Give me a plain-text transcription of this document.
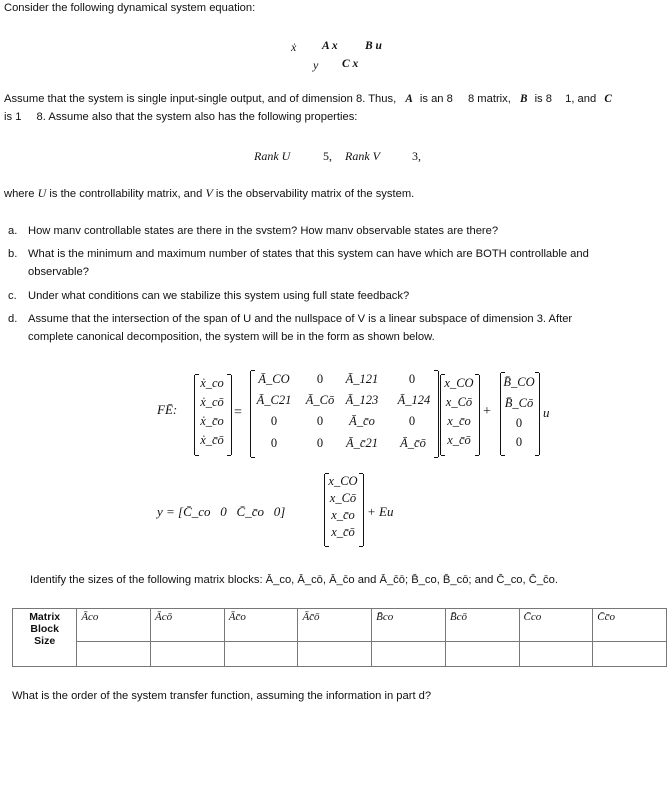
Consider the following dynamical system equation:
ẋ A x B u
y C x
Assume that the system is single input-single output, and of dimension 8. Thus, A is an 8 8 matrix, B is 8 1, and C
is 1 8. Assume also that the system also has the following properties:
Rank U	5, Rank V	3,
where U is the controllability matrix, and V is the observability matrix of the system.
a. How manv controllable states are there in the svstem? How manv observable states are there?
b. What is the minimum and maximum number of states that this system can have which are BOTH controllable and
observable?
c. Under what conditions can we stabilize this system using full state feedback?
d. Assume that the intersection of the span of U and the nullspace of V is a linear subspace of dimension 3. After
complete canonical decomposition, the system will be in the form as shown below.
FĒ:
ẋ_co
ẋ_cō
ẋ_c̄o
ẋ_c̄ō
=
Ā_CO	0	Ā_121	0
Ā_C21	Ā_Cō Ā_123	Ā_124
0	0	Ā_c̄o	0
0	0	Ā_c̄21	Ā_c̄ō
x_CO
x_Cō
x_c̄o
x_c̄ō
+
B̄_CO
B̄_Cō
0
0
u
y = [C̄_co   0   C̄_c̄o   0]
x_CO
x_Cō
x_c̄o
x_c̄ō
+ Eu
Identify the sizes of the following matrix blocks: Ā_co, Ā_cō, Ā_c̄o and Ā_c̄ō; B̄_co, B̄_cō; and C̄_co, C̄_c̄o.
Matrix
Block
Size	Āco	Ācō	Āc̄o	Āc̄ō	B̄co	B̄cō	C̄co	C̄c̄o

What is the order of the system transfer function, assuming the information in part d?
